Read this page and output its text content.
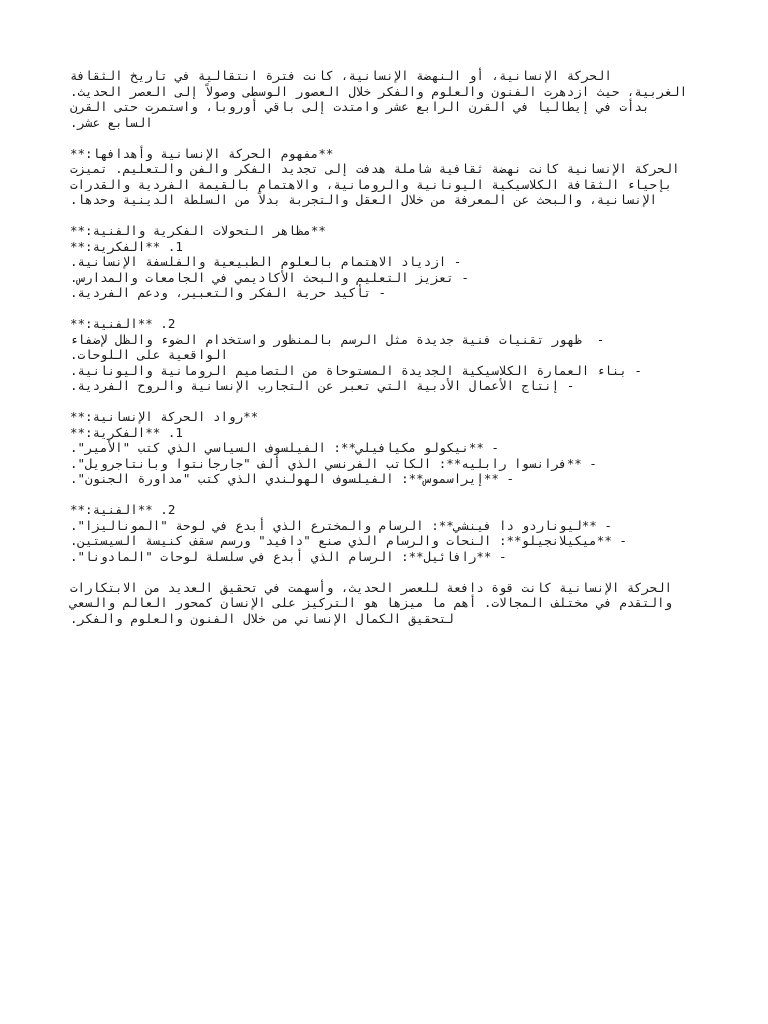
الحركة الإنسانية، أو النهضة الإنسانية، كانت فترة انتقالية في تاريخ الثقافة
الغربية، حيث ازدهرت الفنون والعلوم والفكر خلال العصور الوسطى وصولاً إلى العصر الحديث.
بدأت في إيطاليا في القرن الرابع عشر وامتدت إلى باقي أوروبا، واستمرت حتى القرن
السابع عشر.
**مفهوم الحركة الإنسانية وأهدافها:**
الحركة الإنسانية كانت نهضة ثقافية شاملة هدفت إلى تجديد الفكر والفن والتعليم. تميزت
بإحياء الثقافة الكلاسيكية اليونانية والرومانية، والاهتمام بالقيمة الفردية والقدرات
الإنسانية، والبحث عن المعرفة من خلال العقل والتجربة بدلاً من السلطة الدينية وحدها.
**مظاهر التحولات الفكرية والفنية:**
1. **الفكرية:**
- ازدياد الاهتمام بالعلوم الطبيعية والفلسفة الإنسانية.
- تعزيز التعليم والبحث الأكاديمي في الجامعات والمدارس.
- تأكيد حرية الفكر والتعبير، ودعم الفردية.
2. **الفنية:**
-  ظهور تقنيات فنية جديدة مثل الرسم بالمنظور واستخدام الضوء والظل لإضفاء
الواقعية على اللوحات.
- بناء العمارة الكلاسيكية الجديدة المستوحاة من التصاميم الرومانية واليونانية.
- إنتاج الأعمال الأدبية التي تعبر عن التجارب الإنسانية والروح الفردية.
**رواد الحركة الإنسانية:**
1. **الفكرية:**
- **نيكولو مكيافيلي**: الفيلسوف السياسي الذي كتب "الأمير".
- **فرانسوا رابليه**: الكاتب الفرنسي الذي ألف "جارجانتوا وبانتاجرويل".
- **إيراسموس**: الفيلسوف الهولندي الذي كتب "مداورة الجنون".
2. **الفنية:**
- **ليوناردو دا فينشي**: الرسام والمخترع الذي أبدع في لوحة "الموناليزا".
- **ميكيلانجيلو**: النحات والرسام الذي صنع "دافيد" ورسم سقف كنيسة السيستين.
- **رافائيل**: الرسام الذي أبدع في سلسلة لوحات "المادونا".
الحركة الإنسانية كانت قوة دافعة للعصر الحديث، وأسهمت في تحقيق العديد من الابتكارات
والتقدم في مختلف المجالات. أهم ما ميزها هو التركيز على الإنسان كمحور العالم والسعي
لتحقيق الكمال الإنساني من خلال الفنون والعلوم والفكر.
